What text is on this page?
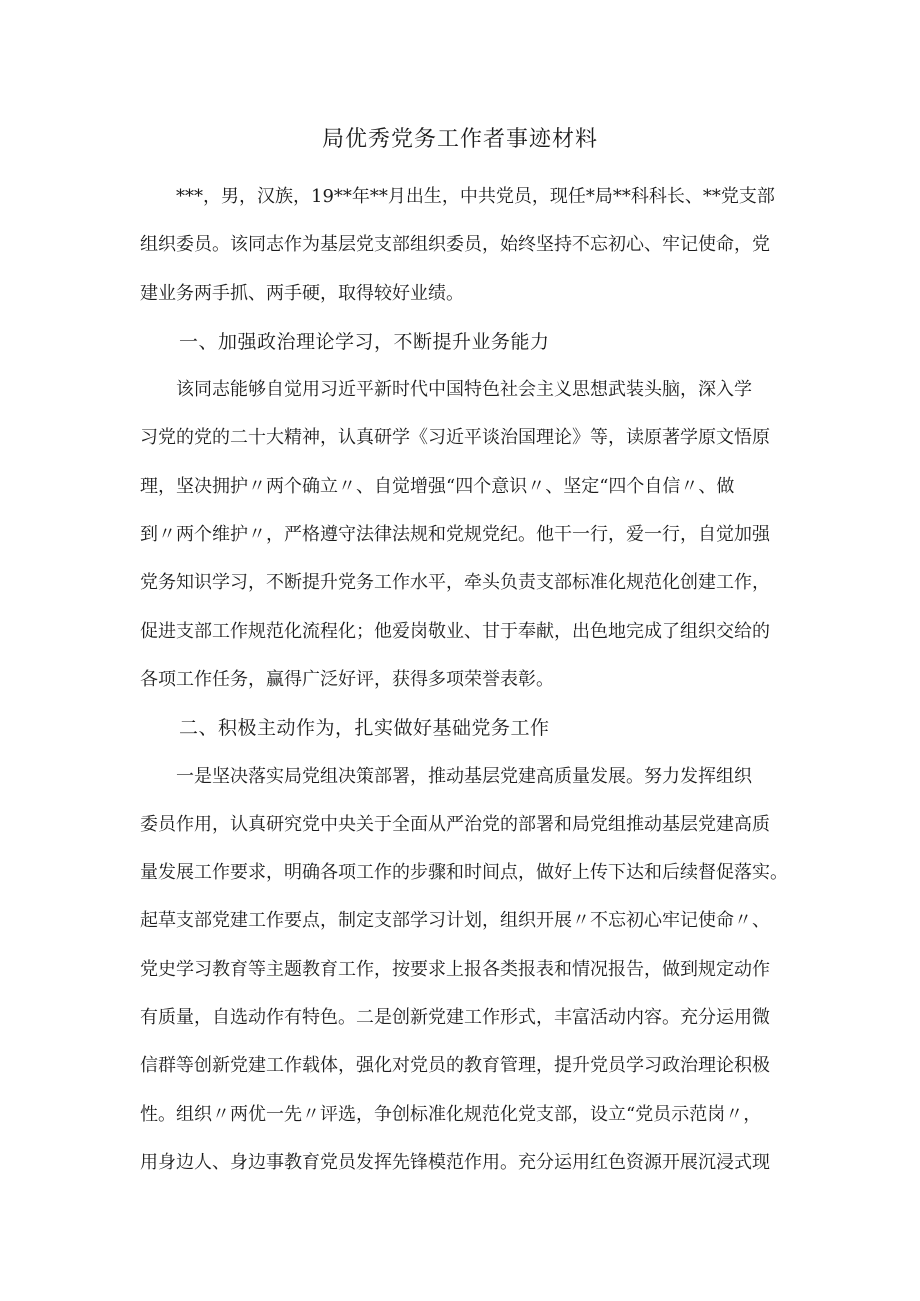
局优秀党务工作者事迹材料
　　***，男，汉族，19**年**月出生，中共党员，现任*局**科科长、**党支部
组织委员。该同志作为基层党支部组织委员，始终坚持不忘初心、牢记使命，党
建业务两手抓、两手硬，取得较好业绩。
　　一、加强政治理论学习，不断提升业务能力
　　该同志能够自觉用习近平新时代中国特色社会主义思想武装头脑，深入学
习党的党的二十大精神，认真研学《习近平谈治国理论》等，读原著学原文悟原
理，坚决拥护〃两个确立〃、自觉增强“四个意识〃、坚定“四个自信〃、做
到〃两个维护〃，严格遵守法律法规和党规党纪。他干一行，爱一行，自觉加强
党务知识学习，不断提升党务工作水平，牵头负责支部标准化规范化创建工作，
促进支部工作规范化流程化；他爱岗敬业、甘于奉献，出色地完成了组织交给的
各项工作任务，赢得广泛好评，获得多项荣誉表彰。
　　二、积极主动作为，扎实做好基础党务工作
　　一是坚决落实局党组决策部署，推动基层党建高质量发展。努力发挥组织
委员作用，认真研究党中央关于全面从严治党的部署和局党组推动基层党建高质
量发展工作要求，明确各项工作的步骤和时间点，做好上传下达和后续督促落实。
起草支部党建工作要点，制定支部学习计划，组织开展〃不忘初心牢记使命〃、
党史学习教育等主题教育工作，按要求上报各类报表和情况报告，做到规定动作
有质量，自选动作有特色。二是创新党建工作形式，丰富活动内容。充分运用微
信群等创新党建工作载体，强化对党员的教育管理，提升党员学习政治理论积极
性。组织〃两优一先〃评选，争创标准化规范化党支部，设立“党员示范岗〃，
用身边人、身边事教育党员发挥先锋模范作用。充分运用红色资源开展沉浸式现
